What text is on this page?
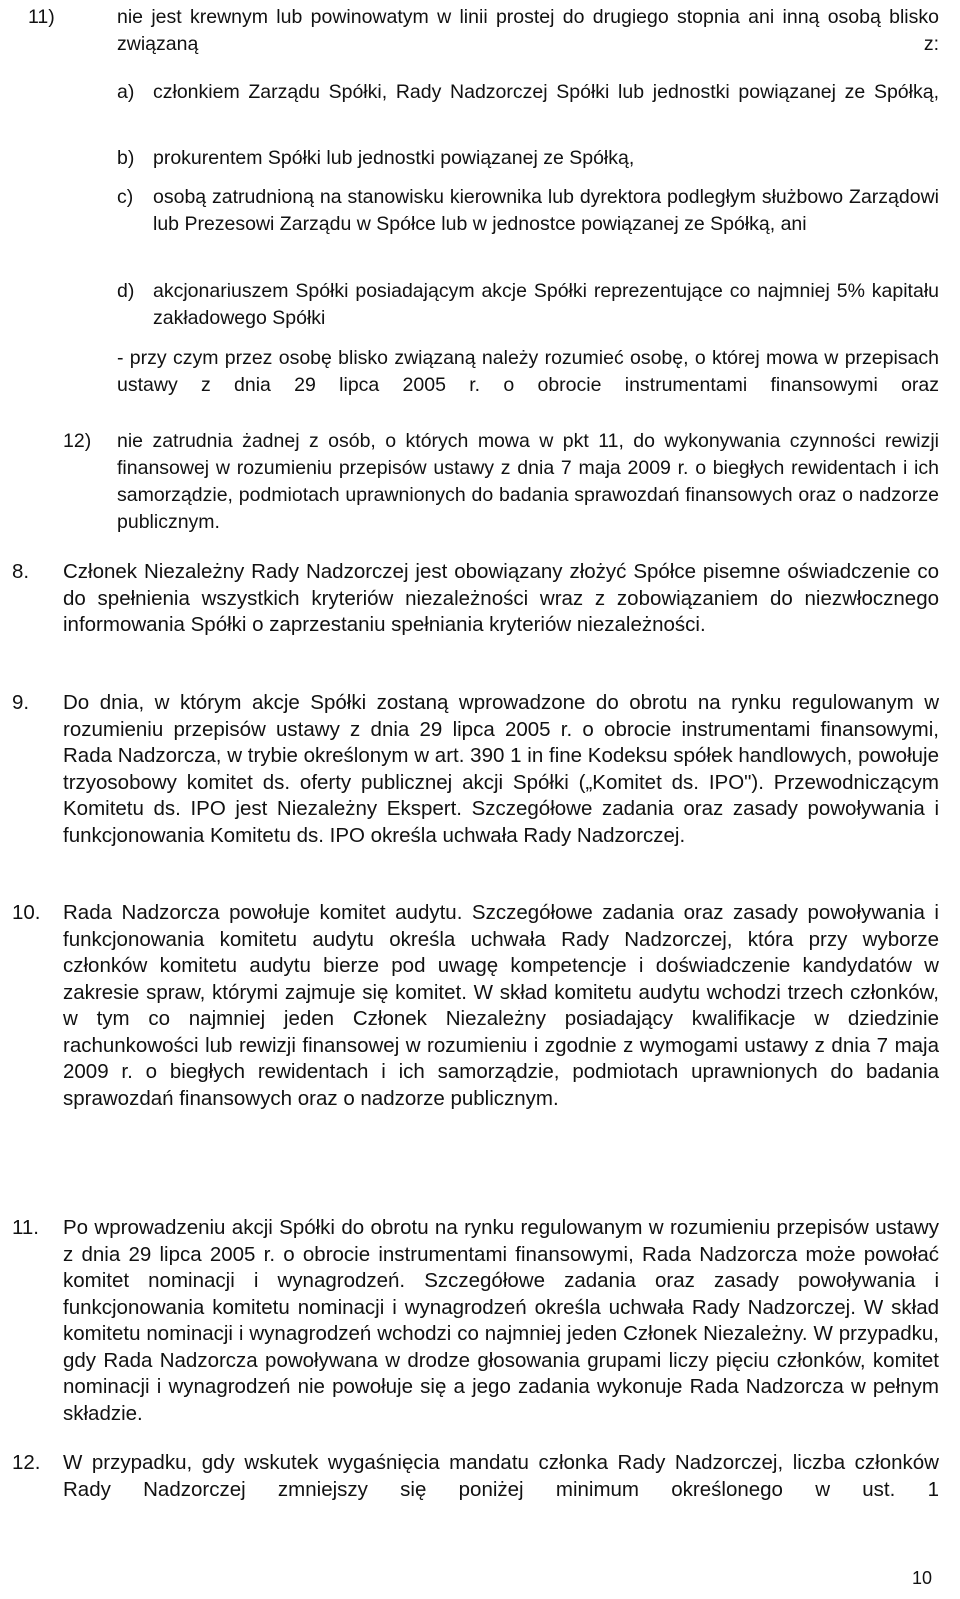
11)	nie jest krewnym lub powinowatym w linii prostej do drugiego stopnia ani inną osobą blisko związaną z:
a) członkiem Zarządu Spółki, Rady Nadzorczej Spółki lub jednostki powiązanej ze Spółką,
b) prokurentem Spółki lub jednostki powiązanej ze Spółką,
c) osobą zatrudnioną na stanowisku kierownika lub dyrektora podległym służbowo Zarządowi lub Prezesowi Zarządu w Spółce lub w jednostce powiązanej ze Spółką, ani
d) akcjonariuszem Spółki posiadającym akcje Spółki reprezentujące co najmniej 5% kapitału zakładowego Spółki
- przy czym przez osobę blisko związaną należy rozumieć osobę, o której mowa w przepisach ustawy z dnia 29 lipca 2005 r. o obrocie instrumentami finansowymi oraz
12) nie zatrudnia żadnej z osób, o których mowa w pkt 11, do wykonywania czynności rewizji finansowej w rozumieniu przepisów ustawy z dnia 7 maja 2009 r. o biegłych rewidentach i ich samorządzie, podmiotach uprawnionych do badania sprawozdań finansowych oraz o nadzorze publicznym.
8. Członek Niezależny Rady Nadzorczej jest obowiązany złożyć Spółce pisemne oświadczenie co do spełnienia wszystkich kryteriów niezależności wraz z zobowiązaniem do niezwłocznego informowania Spółki o zaprzestaniu spełniania kryteriów niezależności.
9. Do dnia, w którym akcje Spółki zostaną wprowadzone do obrotu na rynku regulowanym w rozumieniu przepisów ustawy z dnia 29 lipca 2005 r. o obrocie instrumentami finansowymi, Rada Nadzorcza, w trybie określonym w art. 390 1 in fine Kodeksu spółek handlowych, powołuje trzyosobowy komitet ds. oferty publicznej akcji Spółki („Komitet ds. IPO"). Przewodniczącym Komitetu ds. IPO jest Niezależny Ekspert. Szczegółowe zadania oraz zasady powoływania i funkcjonowania Komitetu ds. IPO określa uchwała Rady Nadzorczej.
10. Rada Nadzorcza powołuje komitet audytu. Szczegółowe zadania oraz zasady powoływania i funkcjonowania komitetu audytu określa uchwała Rady Nadzorczej, która przy wyborze członków komitetu audytu bierze pod uwagę kompetencje i doświadczenie kandydatów w zakresie spraw, którymi zajmuje się komitet. W skład komitetu audytu wchodzi trzech członków, w tym co najmniej jeden Członek Niezależny posiadający kwalifikacje w dziedzinie rachunkowości lub rewizji finansowej w rozumieniu i zgodnie z wymogami ustawy z dnia 7 maja 2009 r. o biegłych rewidentach i ich samorządzie, podmiotach uprawnionych do badania sprawozdań finansowych oraz o nadzorze publicznym.
11. Po wprowadzeniu akcji Spółki do obrotu na rynku regulowanym w rozumieniu przepisów ustawy z dnia 29 lipca 2005 r. o obrocie instrumentami finansowymi, Rada Nadzorcza może powołać komitet nominacji i wynagrodzeń. Szczegółowe zadania oraz zasady powoływania i funkcjonowania komitetu nominacji i wynagrodzeń określa uchwała Rady Nadzorczej. W skład komitetu nominacji i wynagrodzeń wchodzi co najmniej jeden Członek Niezależny. W przypadku, gdy Rada Nadzorcza powoływana w drodze głosowania grupami liczy pięciu członków, komitet nominacji i wynagrodzeń nie powołuje się a jego zadania wykonuje Rada Nadzorcza w pełnym składzie.
12. W przypadku, gdy wskutek wygaśnięcia mandatu członka Rady Nadzorczej, liczba członków Rady Nadzorczej zmniejszy się poniżej minimum określonego w ust. 1
10
